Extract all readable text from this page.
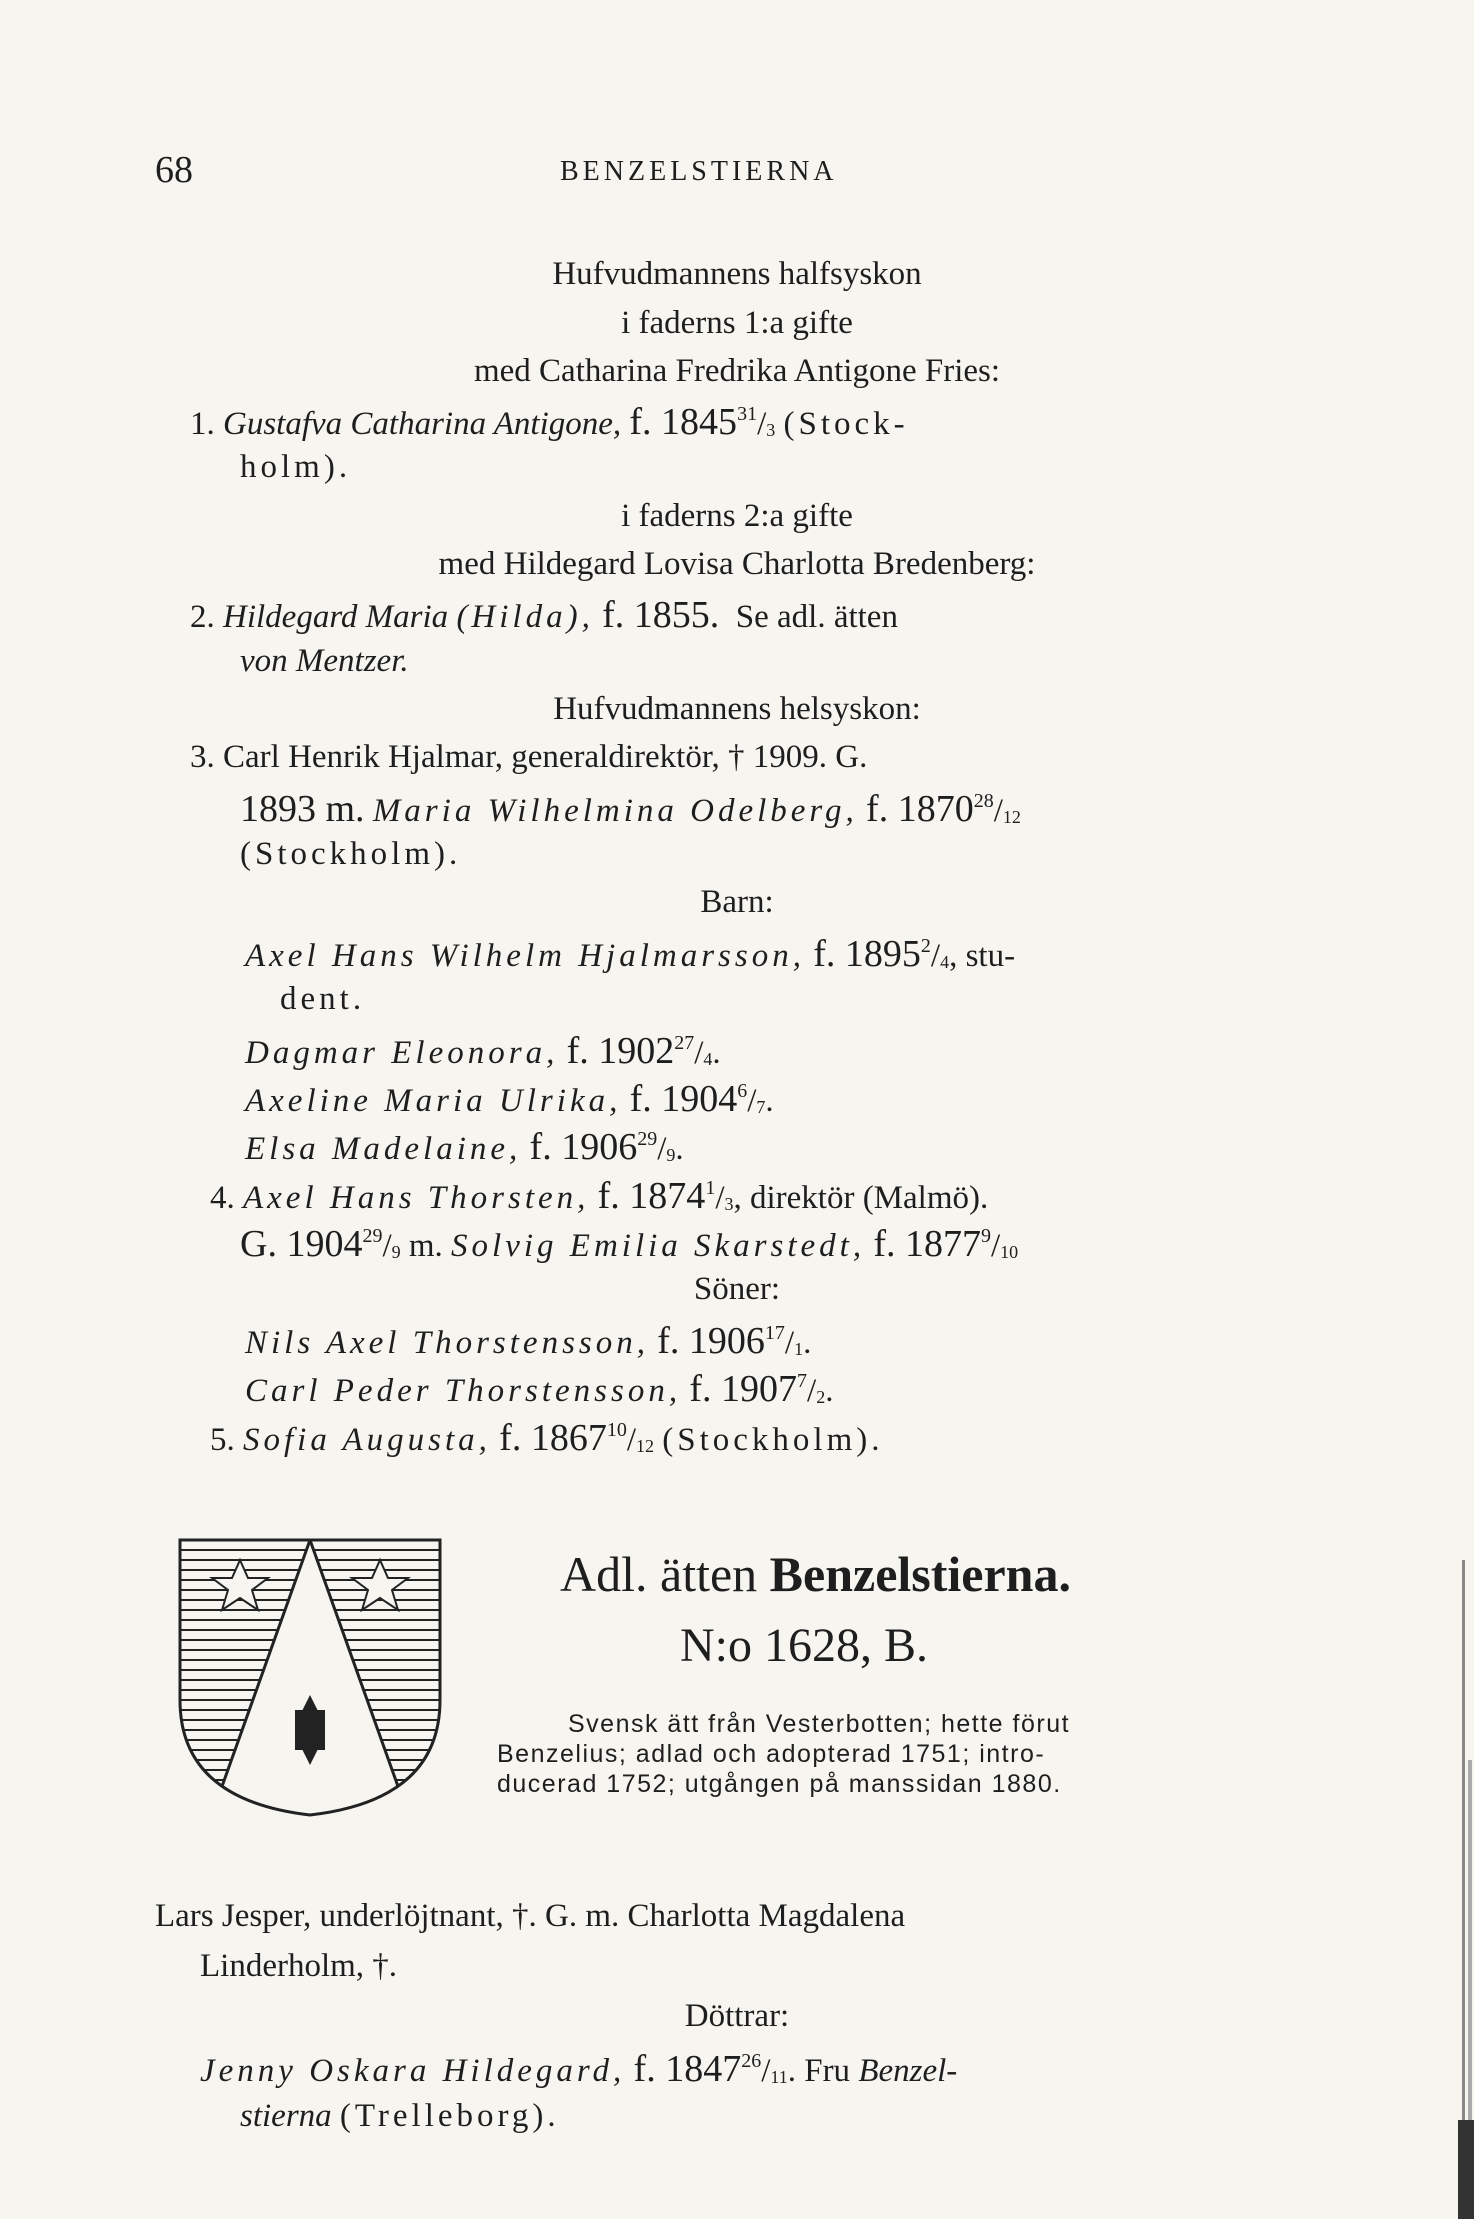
68	BENZELSTIERNA
Hufvudmannens halfsyskon
i faderns 1:a gifte
med Catharina Fredrika Antigone Fries:
1. Gustafva Catharina Antigone, f. $1845^{31}/_3$ (Stock-
holm).
i faderns 2:a gifte
med Hildegard Lovisa Charlotta Bredenberg:
2. Hildegard Maria (Hilda), f. 1855. Se adl. ätten
von Mentzer.
Hufvudmannens helsyskon:
3. Carl Henrik Hjalmar, generaldirektör, † 1909. G.
1893 m. Maria Wilhelmina Odelberg, f. $1870^{28}/_{12}$
(Stockholm).
Barn:
Axel Hans Wilhelm Hjalmarsson, f. $1895^2/_4$, stu-
dent.
Dagmar Eleonora, f. $1902^{27}/_4$.
Axeline Maria Ulrika, f. $1904^6/_7$.
Elsa Madelaine, f. $1906^{29}/_9$.
4. Axel Hans Thorsten, f. $1874^1/_3$, direktör (Malmö).
G. $1904^{29}/_9$ m. Solvig Emilia Skarstedt, f. $1877^9/_{10}$
Söner:
Nils Axel Thorstensson, f. $1906^{17}/_1$.
Carl Peder Thorstensson, f. $1907^7/_2$.
5. Sofia Augusta, f. $1867^{10}/_{12}$ (Stockholm).
Adl. ätten Benzelstierna.
N:o 1628, B.
Svensk ätt från Vesterbotten; hette förut
Benzelius; adlad och adopterad 1751; intro-
ducerad 1752; utgången på manssidan 1880.
Lars Jesper, underlöjtnant, †. G. m. Charlotta Magdalena
Linderholm, †.
Döttrar:
Jenny Oskara Hildegard, f. $1847^{26}/_{11}$. Fru Benzel-
stierna (Trelleborg).
